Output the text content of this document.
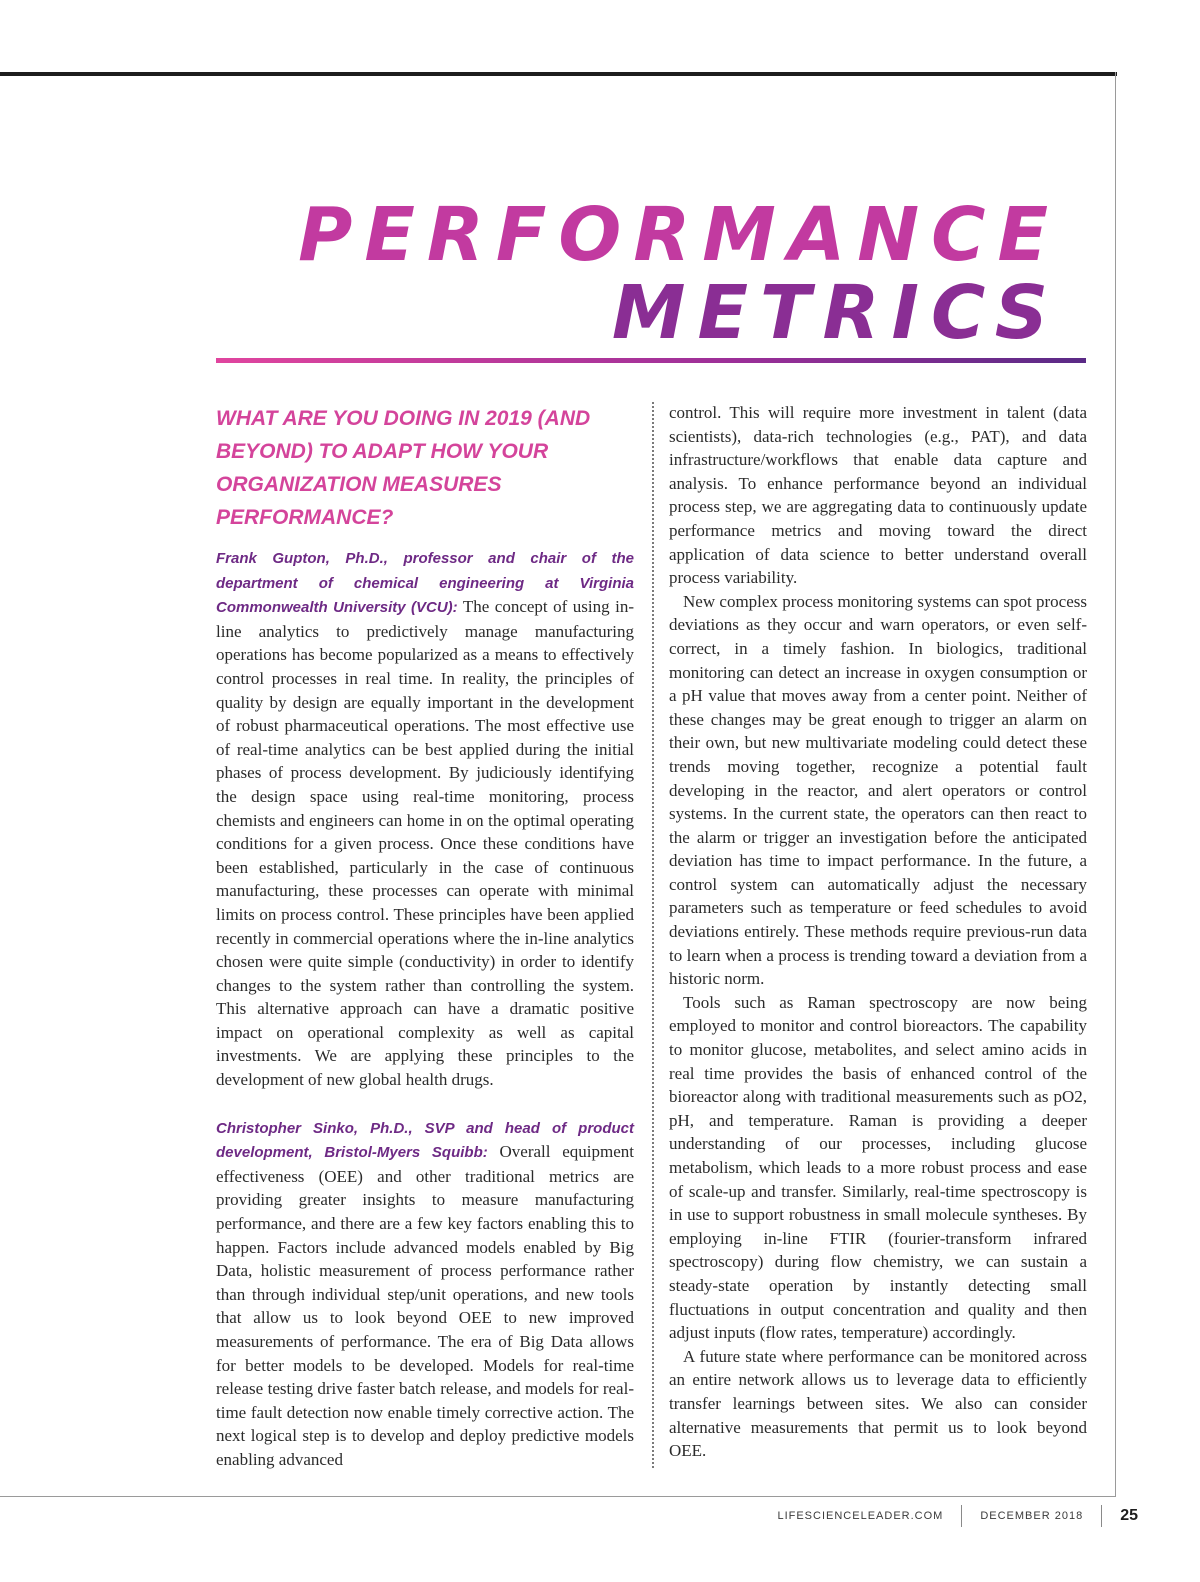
PERFORMANCE
METRICS
WHAT ARE YOU DOING IN 2019 (AND BEYOND) TO ADAPT HOW YOUR ORGANIZATION MEASURES PERFORMANCE?

Frank Gupton, Ph.D., professor and chair of the department of chemical engineering at Virginia Commonwealth University (VCU): The concept of using in-line analytics to predictively manage manufacturing operations has become popularized as a means to effectively control processes in real time. In reality, the principles of quality by design are equally important in the development of robust pharmaceutical operations. The most effective use of real-time analytics can be best applied during the initial phases of process development. By judiciously identifying the design space using real-time monitoring, process chemists and engineers can home in on the optimal operating conditions for a given process. Once these conditions have been established, particularly in the case of continuous manufacturing, these processes can operate with minimal limits on process control. These principles have been applied recently in commercial operations where the in-line analytics chosen were quite simple (conductivity) in order to identify changes to the system rather than controlling the system. This alternative approach can have a dramatic positive impact on operational complexity as well as capital investments. We are applying these principles to the development of new global health drugs.

Christopher Sinko, Ph.D., SVP and head of product development, Bristol-Myers Squibb: Overall equipment effectiveness (OEE) and other traditional metrics are providing greater insights to measure manufacturing performance, and there are a few key factors enabling this to happen. Factors include advanced models enabled by Big Data, holistic measurement of process performance rather than through individual step/unit operations, and new tools that allow us to look beyond OEE to new improved measurements of performance. The era of Big Data allows for better models to be developed. Models for real-time release testing drive faster batch release, and models for real-time fault detection now enable timely corrective action. The next logical step is to develop and deploy predictive models enabling advanced

control. This will require more investment in talent (data scientists), data-rich technologies (e.g., PAT), and data infrastructure/workflows that enable data capture and analysis. To enhance performance beyond an individual process step, we are aggregating data to continuously update performance metrics and moving toward the direct application of data science to better understand overall process variability.

New complex process monitoring systems can spot process deviations as they occur and warn operators, or even self-correct, in a timely fashion. In biologics, traditional monitoring can detect an increase in oxygen consumption or a pH value that moves away from a center point. Neither of these changes may be great enough to trigger an alarm on their own, but new multivariate modeling could detect these trends moving together, recognize a potential fault developing in the reactor, and alert operators or control systems. In the current state, the operators can then react to the alarm or trigger an investigation before the anticipated deviation has time to impact performance. In the future, a control system can automatically adjust the necessary parameters such as temperature or feed schedules to avoid deviations entirely. These methods require previous-run data to learn when a process is trending toward a deviation from a historic norm.

Tools such as Raman spectroscopy are now being employed to monitor and control bioreactors. The capability to monitor glucose, metabolites, and select amino acids in real time provides the basis of enhanced control of the bioreactor along with traditional measurements such as pO2, pH, and temperature. Raman is providing a deeper understanding of our processes, including glucose metabolism, which leads to a more robust process and ease of scale-up and transfer. Similarly, real-time spectroscopy is in use to support robustness in small molecule syntheses. By employing in-line FTIR (fourier-transform infrared spectroscopy) during flow chemistry, we can sustain a steady-state operation by instantly detecting small fluctuations in output concentration and quality and then adjust inputs (flow rates, temperature) accordingly.

A future state where performance can be monitored across an entire network allows us to leverage data to efficiently transfer learnings between sites. We also can consider alternative measurements that permit us to look beyond OEE.

LIFESCIENCELEADER.COM	DECEMBER 2018 25
